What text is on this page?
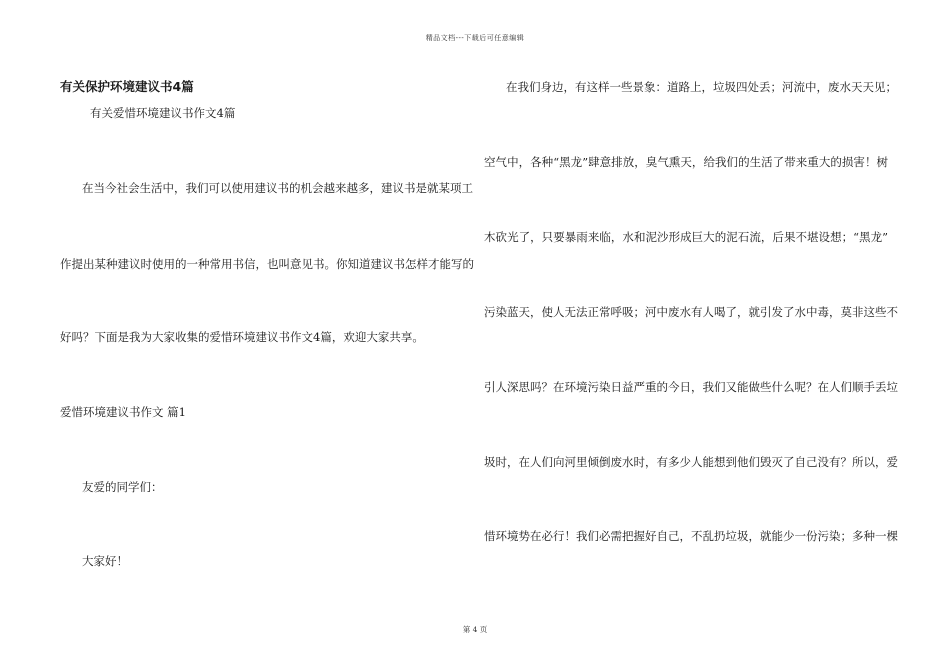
精品文档---下载后可任意编辑
有关保护环境建议书4篇
有关爱惜环境建议书作文4篇
在当今社会生活中，我们可以使用建议书的机会越来越多，建议书是就某项工
作提出某种建议时使用的一种常用书信，也叫意见书。你知道建议书怎样才能写的
好吗？下面是我为大家收集的爱惜环境建议书作文4篇，欢迎大家共享。
爱惜环境建议书作文 篇1
友爱的同学们：
大家好！
在我们身边，有这样一些景象：道路上，垃圾四处丢；河流中，废水天天见；
空气中，各种“黑龙”肆意排放，臭气熏天，给我们的生活了带来重大的损害！树
木砍光了，只要暴雨来临，水和泥沙形成巨大的泥石流，后果不堪设想；“黑龙”
污染蓝天，使人无法正常呼吸；河中废水有人喝了，就引发了水中毒，莫非这些不
引人深思吗？在环境污染日益严重的今日，我们又能做些什么呢？在人们顺手丢垃
圾时，在人们向河里倾倒废水时，有多少人能想到他们毁灭了自己没有？所以，爱
惜环境势在必行！我们必需把握好自己，不乱扔垃圾，就能少一份污染；多种一棵
第 4 页
